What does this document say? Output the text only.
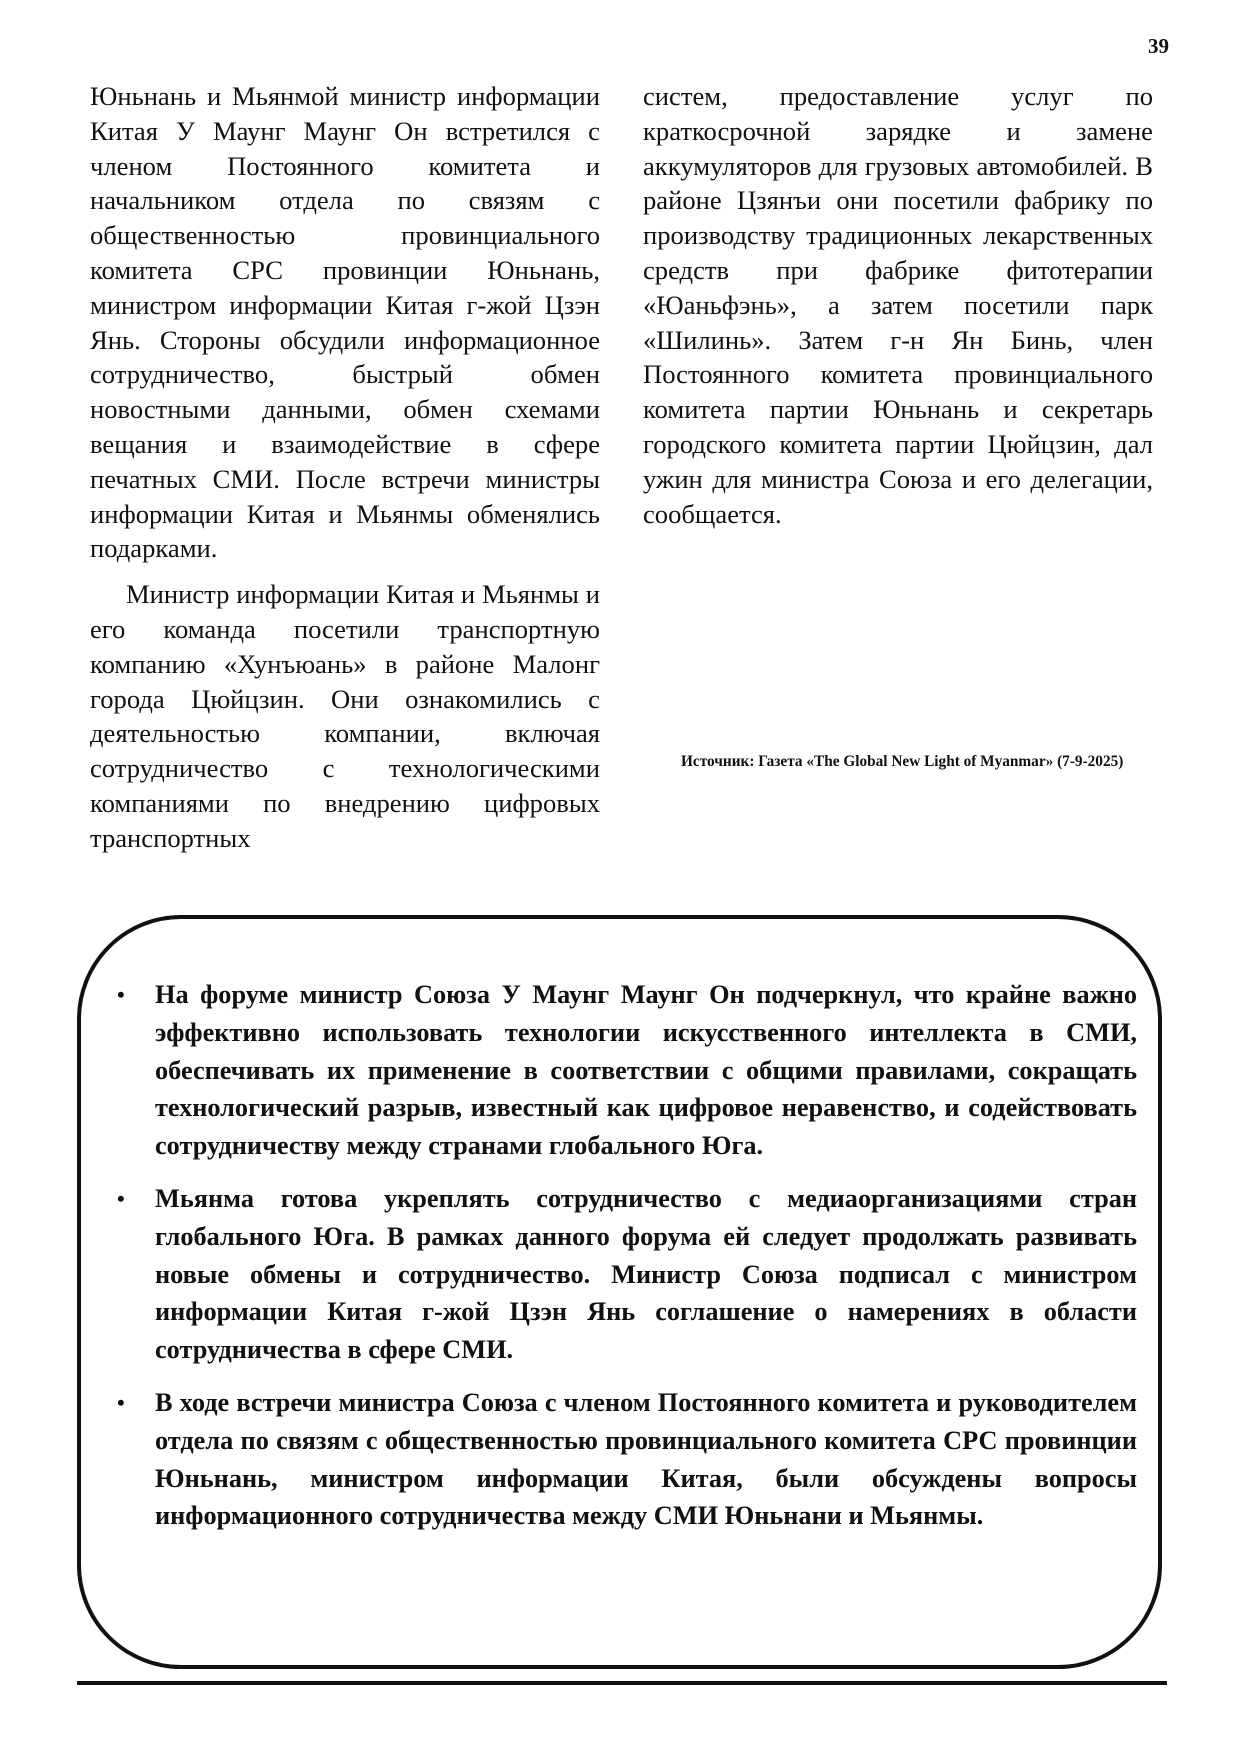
39

Юньнань и Мьянмой министр информации Китая У Маунг Маунг Он встретился с членом Постоянного комитета и начальником отдела по связям с общественностью провинциального комитета СРС провинции Юньнань, министром информации Китая г-жой Цзэн Янь. Стороны обсудили информационное сотрудничество, быстрый обмен новостными данными, обмен схемами вещания и взаимодействие в сфере печатных СМИ. После встречи министры информации Китая и Мьянмы обменялись подарками.

Министр информации Китая и Мьянмы и его команда посетили транспортную компанию «Хунъюань» в районе Малонг города Цюйцзин. Они ознакомились с деятельностью компании, включая сотрудничество с технологическими компаниями по внедрению цифровых транспортных

систем, предоставление услуг по краткосрочной зарядке и замене аккумуляторов для грузовых автомобилей. В районе Цзянъи они посетили фабрику по производству традиционных лекарственных средств при фабрике фитотерапии «Юаньфэнь», а затем посетили парк «Шилинь». Затем г-н Ян Бинь, член Постоянного комитета провинциального комитета партии Юньнань и секретарь городского комитета партии Цюйцзин, дал ужин для министра Союза и его делегации, сообщается.

Источник: Газета «The Global New Light of Myanmar» (7-9-2025)
• На форуме министр Союза У Маунг Маунг Он подчеркнул, что крайне важно эффективно использовать технологии искусственного интеллекта в СМИ, обеспечивать их применение в соответствии с общими правилами, сокращать технологический разрыв, известный как цифровое неравенство, и содействовать сотрудничеству между странами глобального Юга.
• Мьянма готова укреплять сотрудничество с медиаорганизациями стран глобального Юга. В рамках данного форума ей следует продолжать развивать новые обмены и сотрудничество. Министр Союза подписал с министром информации Китая г-жой Цзэн Янь соглашение о намерениях в области сотрудничества в сфере СМИ.
• В ходе встречи министра Союза с членом Постоянного комитета и руководителем отдела по связям с общественностью провинциального комитета СРС провинции Юньнань, министром информации Китая, были обсуждены вопросы информационного сотрудничества между СМИ Юньнани и Мьянмы.
